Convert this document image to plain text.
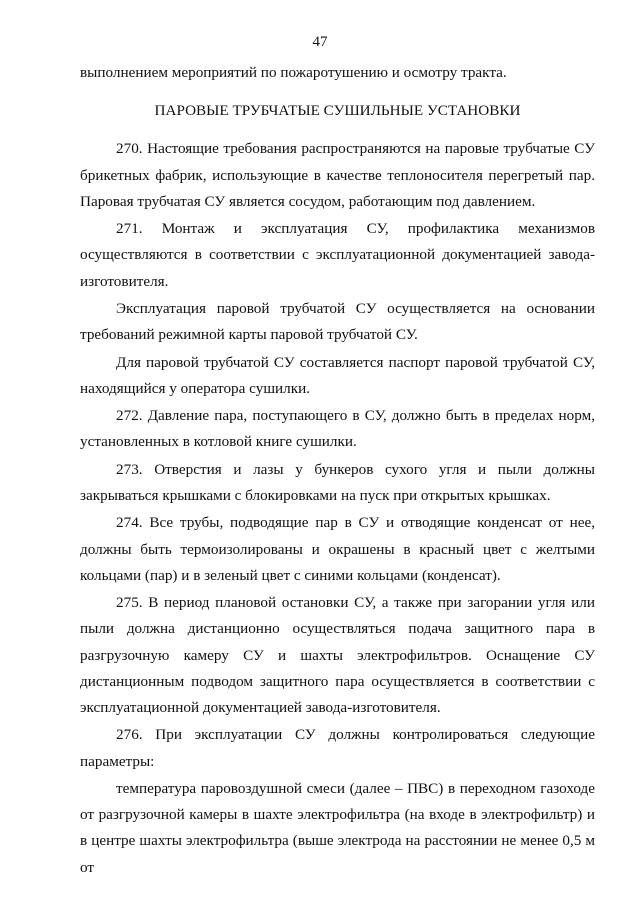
47

выполнением мероприятий по пожаротушению и осмотру тракта.

ПАРОВЫЕ ТРУБЧАТЫЕ СУШИЛЬНЫЕ УСТАНОВКИ

270. Настоящие требования распространяются на паровые трубчатые СУ брикетных фабрик, использующие в качестве теплоносителя перегретый пар. Паровая трубчатая СУ является сосудом, работающим под давлением.

271. Монтаж и эксплуатация СУ, профилактика механизмов осуществляются в соответствии с эксплуатационной документацией завода-изготовителя.

Эксплуатация паровой трубчатой СУ осуществляется на основании требований режимной карты паровой трубчатой СУ.

Для паровой трубчатой СУ составляется паспорт паровой трубчатой СУ, находящийся у оператора сушилки.

272. Давление пара, поступающего в СУ, должно быть в пределах норм, установленных в котловой книге сушилки.

273. Отверстия и лазы у бункеров сухого угля и пыли должны закрываться крышками с блокировками на пуск при открытых крышках.

274. Все трубы, подводящие пар в СУ и отводящие конденсат от нее, должны быть термоизолированы и окрашены в красный цвет с желтыми кольцами (пар) и в зеленый цвет с синими кольцами (конденсат).

275. В период плановой остановки СУ, а также при загорании угля или пыли должна дистанционно осуществляться подача защитного пара в разгрузочную камеру СУ и шахты электрофильтров. Оснащение СУ дистанционным подводом защитного пара осуществляется в соответствии с эксплуатационной документацией завода-изготовителя.

276. При эксплуатации СУ должны контролироваться следующие параметры:

температура паровоздушной смеси (далее – ПВС) в переходном газоходе от разгрузочной камеры в шахте электрофильтра (на входе в электрофильтр) и в центре шахты электрофильтра (выше электрода на расстоянии не менее 0,5 м от
